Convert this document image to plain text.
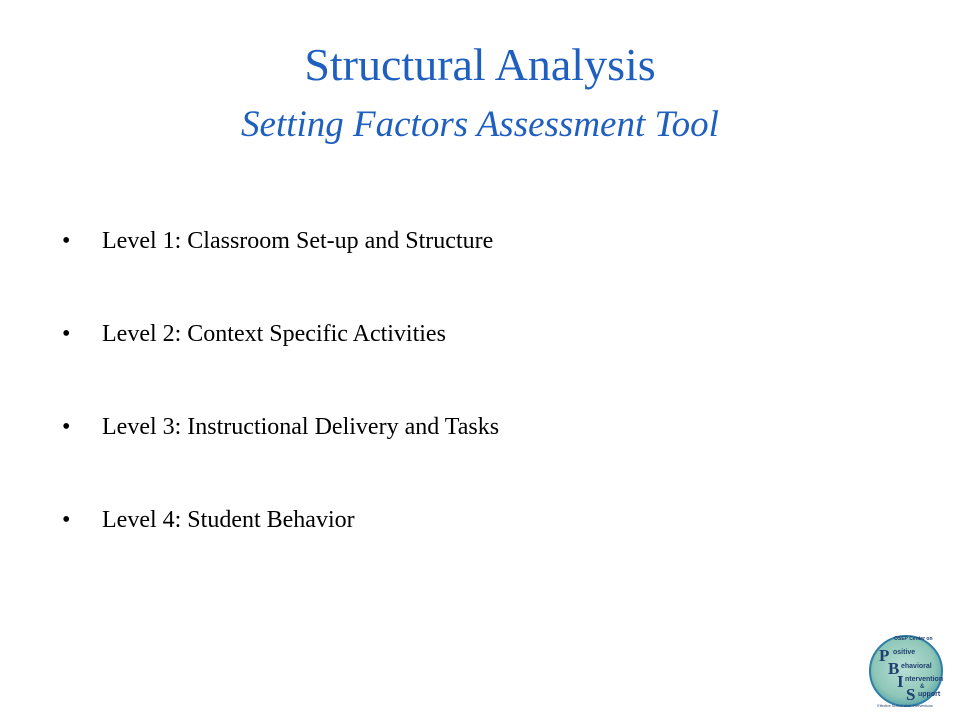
Structural Analysis
Setting Factors Assessment Tool
•	Level 1: Classroom Set-up and Structure
•	Level 2: Context Specific Activities
•	Level 3: Instructional Delivery and Tasks
•	Level 4: Student Behavior
OSEP Center on
P ositive
B ehavioral
I ntervention
&
S upport
Effective School-Wide Interventions
